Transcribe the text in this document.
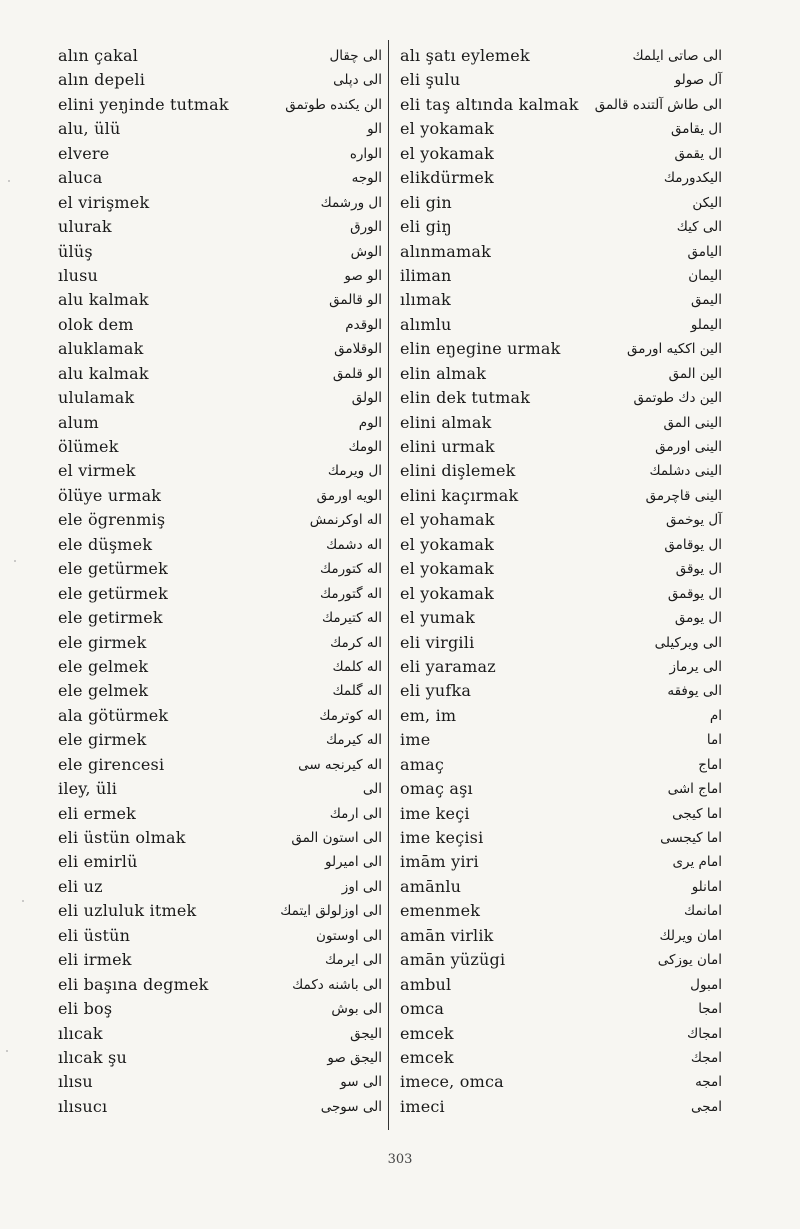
alın çakal	الى چقال
alın depeli	الى دپلى
elini yeŋinde tutmak	الن يكنده طوتمق
alu, ülü	الو
elvere	الواره
aluca	الوجه
el virişmek	ال ورشمك
ulurak	الورق
ülüş	الوش
ılusu	الو صو
alu kalmak	الو قالمق
olok dem	الوقدم
aluklamak	الوقلامق
alu kalmak	الو قلمق
ululamak	الولق
alum	الوم
ölümek	الومك
el virmek	ال ويرمك
ölüye urmak	الويه اورمق
ele ögrenmiş	اله اوكرنمش
ele düşmek	اله دشمك
ele getürmek	اله كتورمك
ele getürmek	اله گتورمك
ele getirmek	اله كتيرمك
ele girmek	اله كرمك
ele gelmek	اله كلمك
ele gelmek	اله گلمك
ala götürmek	اله كوترمك
ele girmek	اله كيرمك
ele girencesi	اله كيرنجه سى
iley, üli	الى
eli ermek	الى ارمك
eli üstün olmak	الى استون المق
eli emirlü	الى اميرلو
eli uz	الى اوز
eli uzluluk itmek	الى اوزلولق ايتمك
eli üstün	الى اوستون
eli irmek	الى ايرمك
eli başına degmek	الى باشنه دكمك
eli boş	الى بوش
ılıcak	اليجق
ılıcak şu	اليجق صو
ılısu	الى سو
ılısucı	الى سوجى
alı şatı eylemek	الى صاتى ايلمك
eli şulu	آل صولو
eli taş altında kalmak الى طاش آلتنده قالمق
el yokamak	ال يقامق
el yokamak	ال يقمق
elikdürmek	اليكدورمك
eli gin	اليكن
eli giŋ	الى كيك
alınmamak	اليامق
iliman	اليمان
ılımak	اليمق
alımlu	اليملو
elin eŋegine urmak	الين اككيه اورمق
elin almak	الين المق
elin dek tutmak	الين دك طوتمق
elini almak	الينى المق
elini urmak	الينى اورمق
elini dişlemek	الينى دشلمك
elini kaçırmak	الينى قاچرمق
el yohamak	آل يوخمق
el yokamak	ال يوقامق
el yokamak	ال يوقق
el yokamak	ال يوقمق
el yumak	ال يومق
eli virgili	الى ويركيلى
eli yaramaz	الى يرماز
eli yufka	الى يوفقه
em, im	ام
ime	اما
amaç	اماج
omaç aşı	اماج اشى
ime keçi	اما كيجى
ime keçisi	اما كيجسى
imām yiri	امام يرى
amānlu	امانلو
emenmek	امانمك
amān virlik	امان ويرلك
amān yüzügi	امان يوزكى
ambul	امبول
omca	امجا
emcek	امجاك
emcek	امجك
imece, omca	امجه
imeci	امجى
303
